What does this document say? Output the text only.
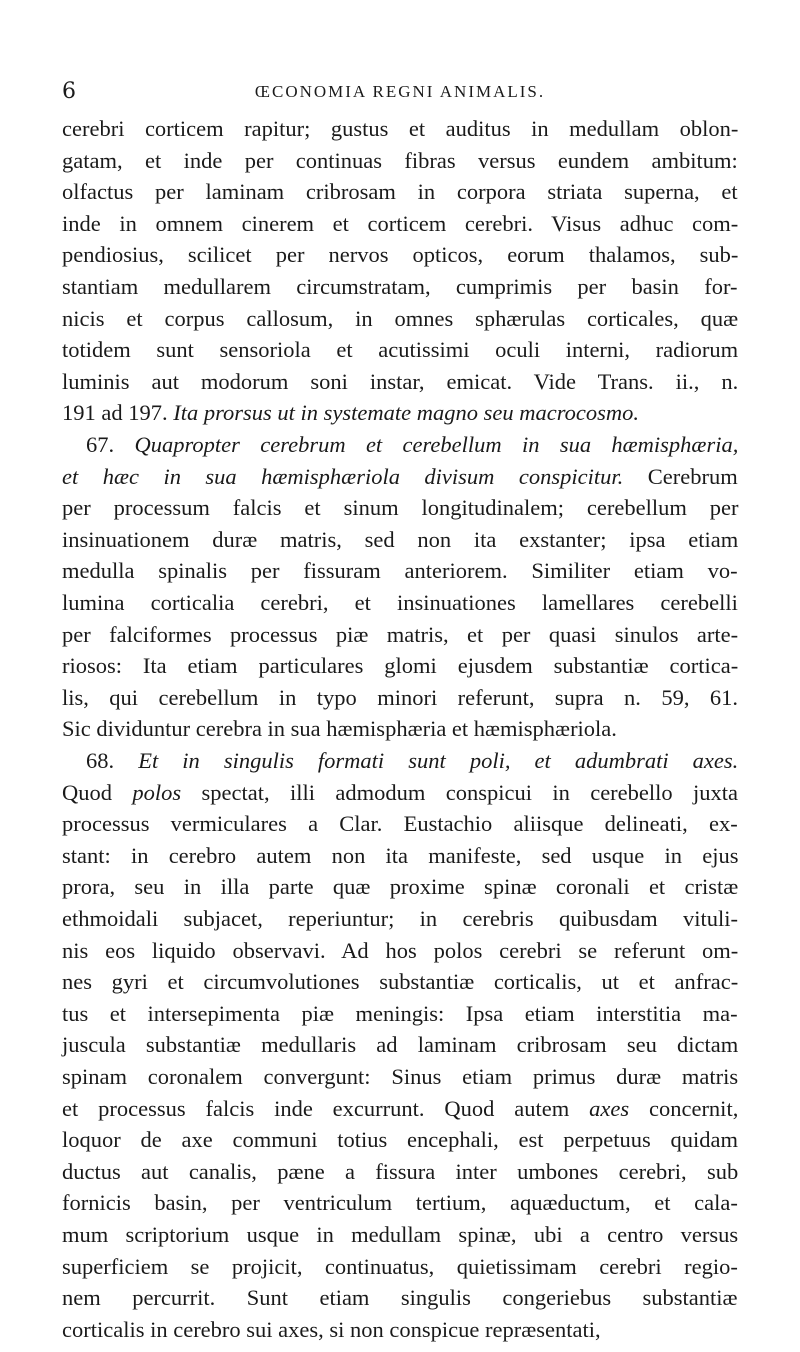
6	ŒCONOMIA REGNI ANIMALIS.
cerebri corticem rapitur; gustus et auditus in medullam oblon-
gatam, et inde per continuas fibras versus eundem ambitum:
olfactus per laminam cribrosam in corpora striata superna, et
inde in omnem cinerem et corticem cerebri. Visus adhuc com-
pendiosius, scilicet per nervos opticos, eorum thalamos, sub-
stantiam medullarem circumstratam, cumprimis per basin for-
nicis et corpus callosum, in omnes sphærulas corticales, quæ
totidem sunt sensoriola et acutissimi oculi interni, radiorum
luminis aut modorum soni instar, emicat. Vide Trans. ii., n.
191 ad 197. Ita prorsus ut in systemate magno seu macrocosmo.
67. Quapropter cerebrum et cerebellum in sua hæmisphæria,
et hæc in sua hæmisphæriola divisum conspicitur. Cerebrum
per processum falcis et sinum longitudinalem; cerebellum per
insinuationem duræ matris, sed non ita exstanter; ipsa etiam
medulla spinalis per fissuram anteriorem. Similiter etiam vo-
lumina corticalia cerebri, et insinuationes lamellares cerebelli
per falciformes processus piæ matris, et per quasi sinulos arte-
riosos: Ita etiam particulares glomi ejusdem substantiæ cortica-
lis, qui cerebellum in typo minori referunt, supra n. 59, 61.
Sic dividuntur cerebra in sua hæmisphæria et hæmisphæriola.
68. Et in singulis formati sunt poli, et adumbrati axes.
Quod polos spectat, illi admodum conspicui in cerebello juxta
processus vermiculares a Clar. Eustachio aliisque delineati, ex-
stant: in cerebro autem non ita manifeste, sed usque in ejus
prora, seu in illa parte quæ proxime spinæ coronali et cristæ
ethmoidali subjacet, reperiuntur; in cerebris quibusdam vituli-
nis eos liquido observavi. Ad hos polos cerebri se referunt om-
nes gyri et circumvolutiones substantiæ corticalis, ut et anfrac-
tus et intersepimenta piæ meningis: Ipsa etiam interstitia ma-
juscula substantiæ medullaris ad laminam cribrosam seu dictam
spinam coronalem convergunt: Sinus etiam primus duræ matris
et processus falcis inde excurrunt. Quod autem axes concernit,
loquor de axe communi totius encephali, est perpetuus quidam
ductus aut canalis, pæne a fissura inter umbones cerebri, sub
fornicis basin, per ventriculum tertium, aquæductum, et cala-
mum scriptorium usque in medullam spinæ, ubi a centro versus
superficiem se projicit, continuatus, quietissimam cerebri regio-
nem percurrit. Sunt etiam singulis congeriebus substantiæ
corticalis in cerebro sui axes, si non conspicue repræsentati,
